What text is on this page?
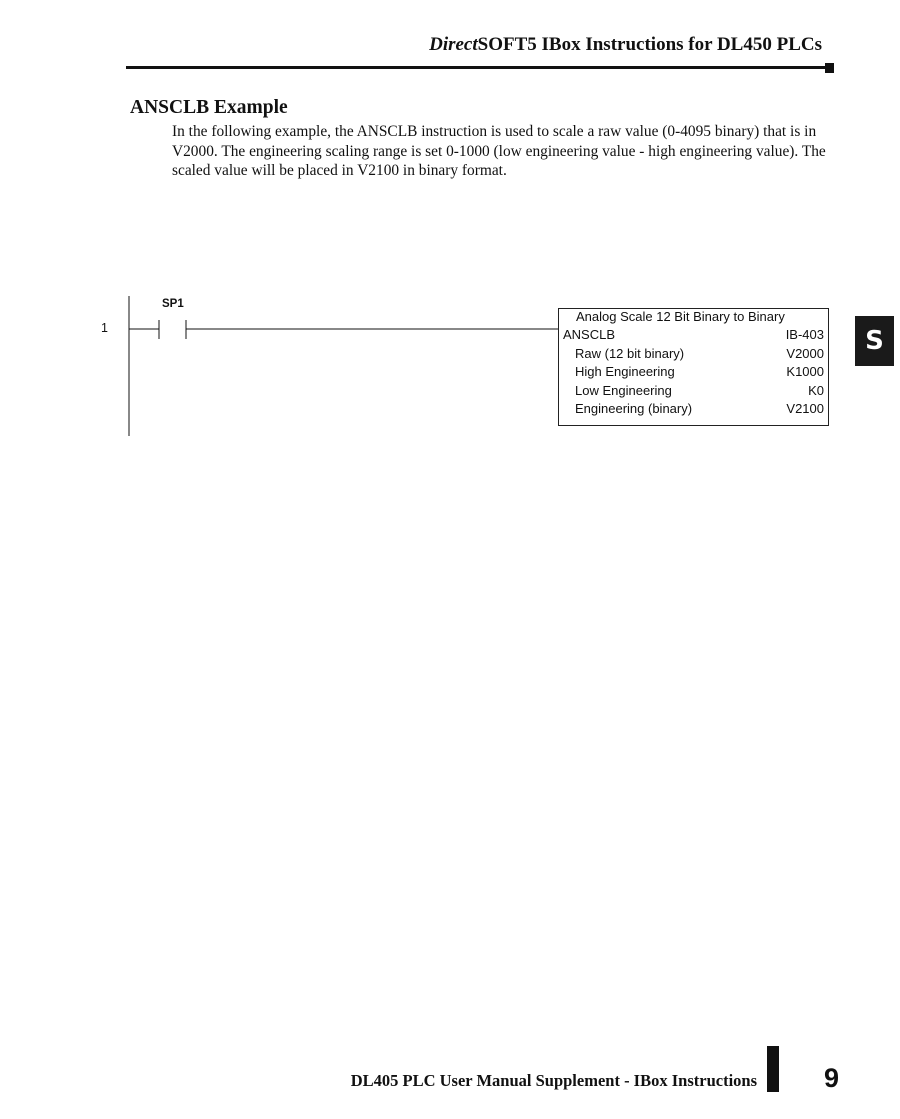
DirectSOFT5 IBox Instructions for DL450 PLCs
ANSCLB Example
In the following example, the ANSCLB instruction is used to scale a raw value (0-4095 binary) that is in V2000. The engineering scaling range is set 0-1000 (low engineering value - high engineering value). The scaled value will be placed in V2100 in binary format.
S
1
SP1
Analog Scale 12 Bit Binary to Binary
ANSCLB	IB-403
Raw (12 bit binary)	V2000
High Engineering	K1000
Low Engineering	K0
Engineering (binary)	V2100
DL405 PLC User Manual Supplement - IBox Instructions 9
